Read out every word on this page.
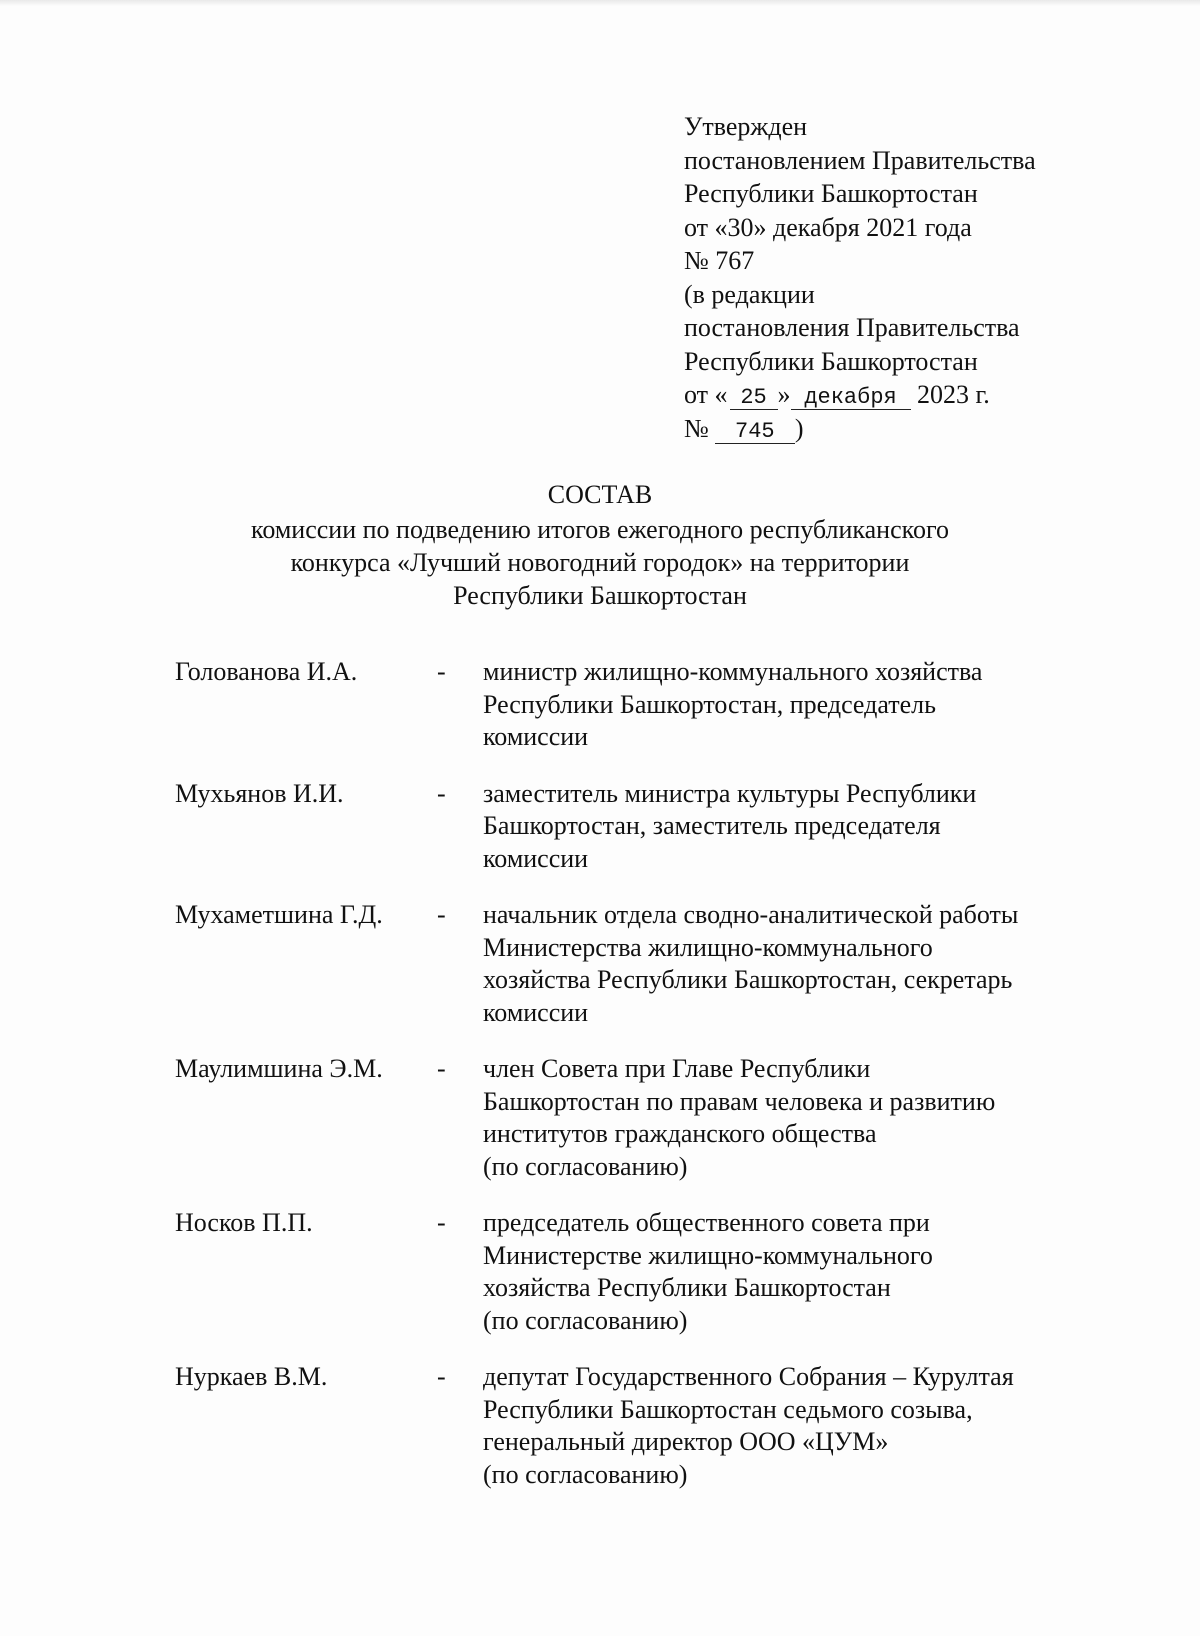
Утвержден
постановлением Правительства
Республики Башкортостан
от «30» декабря 2021 года
№ 767
(в редакции
постановления Правительства
Республики Башкортостан
от « 25 » декабря 2023 г.
№ 745 )
СОСТАВ
комиссии по подведению итогов ежегодного республиканского
конкурса «Лучший новогодний городок» на территории
Республики Башкортостан
Голованова И.А.	-	министр жилищно-коммунального хозяйства
Республики Башкортостан, председатель
комиссии
Мухьянов И.И.	-	заместитель министра культуры Республики
Башкортостан, заместитель председателя
комиссии
Мухаметшина Г.Д.	-	начальник отдела сводно-аналитической работы
Министерства жилищно-коммунального
хозяйства Республики Башкортостан, секретарь
комиссии
Маулимшина Э.М.	-	член Совета при Главе Республики
Башкортостан по правам человека и развитию
институтов гражданского общества
(по согласованию)
Носков П.П.	-	председатель общественного совета при
Министерстве жилищно-коммунального
хозяйства Республики Башкортостан
(по согласованию)
Нуркаев В.М.	-	депутат Государственного Собрания – Курултая
Республики Башкортостан седьмого созыва,
генеральный директор ООО «ЦУМ»
(по согласованию)
